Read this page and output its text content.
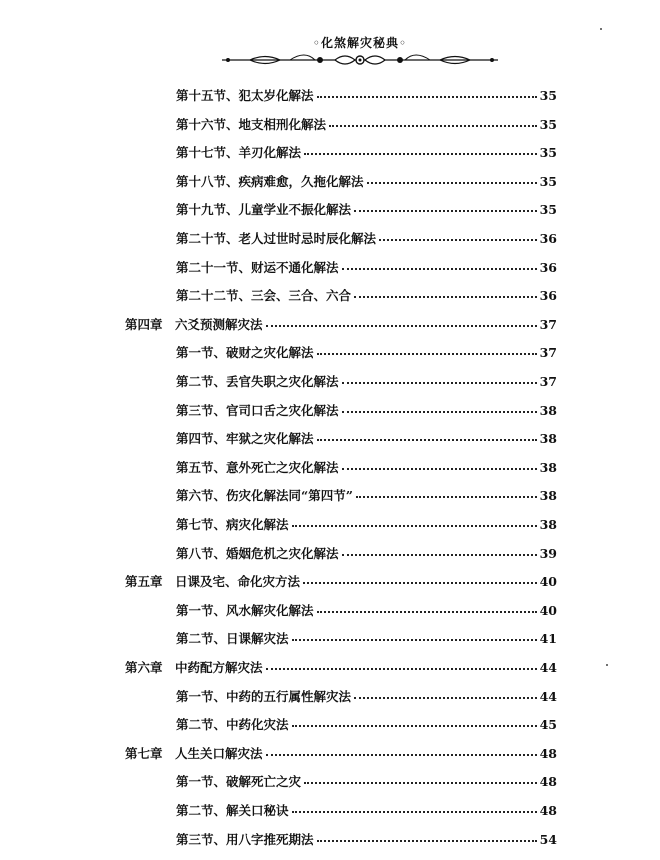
◦化煞解灾秘典◦
第十五节、犯太岁化解法	35
第十六节、地支相刑化解法	35
第十七节、羊刃化解法	35
第十八节、疾病难愈，久拖化解法	35
第十九节、儿童学业不振化解法	35
第二十节、老人过世时忌时辰化解法	36
第二十一节、财运不通化解法	36
第二十二节、三会、三合、六合	36
第四章　六爻预测解灾法	37
第一节、破财之灾化解法	37
第二节、丢官失职之灾化解法	37
第三节、官司口舌之灾化解法	38
第四节、牢狱之灾化解法	38
第五节、意外死亡之灾化解法	38
第六节、伤灾化解法同“第四节”	38
第七节、病灾化解法	38
第八节、婚姻危机之灾化解法	39
第五章　日课及宅、命化灾方法	40
第一节、风水解灾化解法	40
第二节、日课解灾法	41
第六章　中药配方解灾法	44
第一节、中药的五行属性解灾法	44
第二节、中药化灾法	45
第七章　人生关口解灾法	48
第一节、破解死亡之灾	48
第二节、解关口秘诀	48
第三节、用八字推死期法	54
